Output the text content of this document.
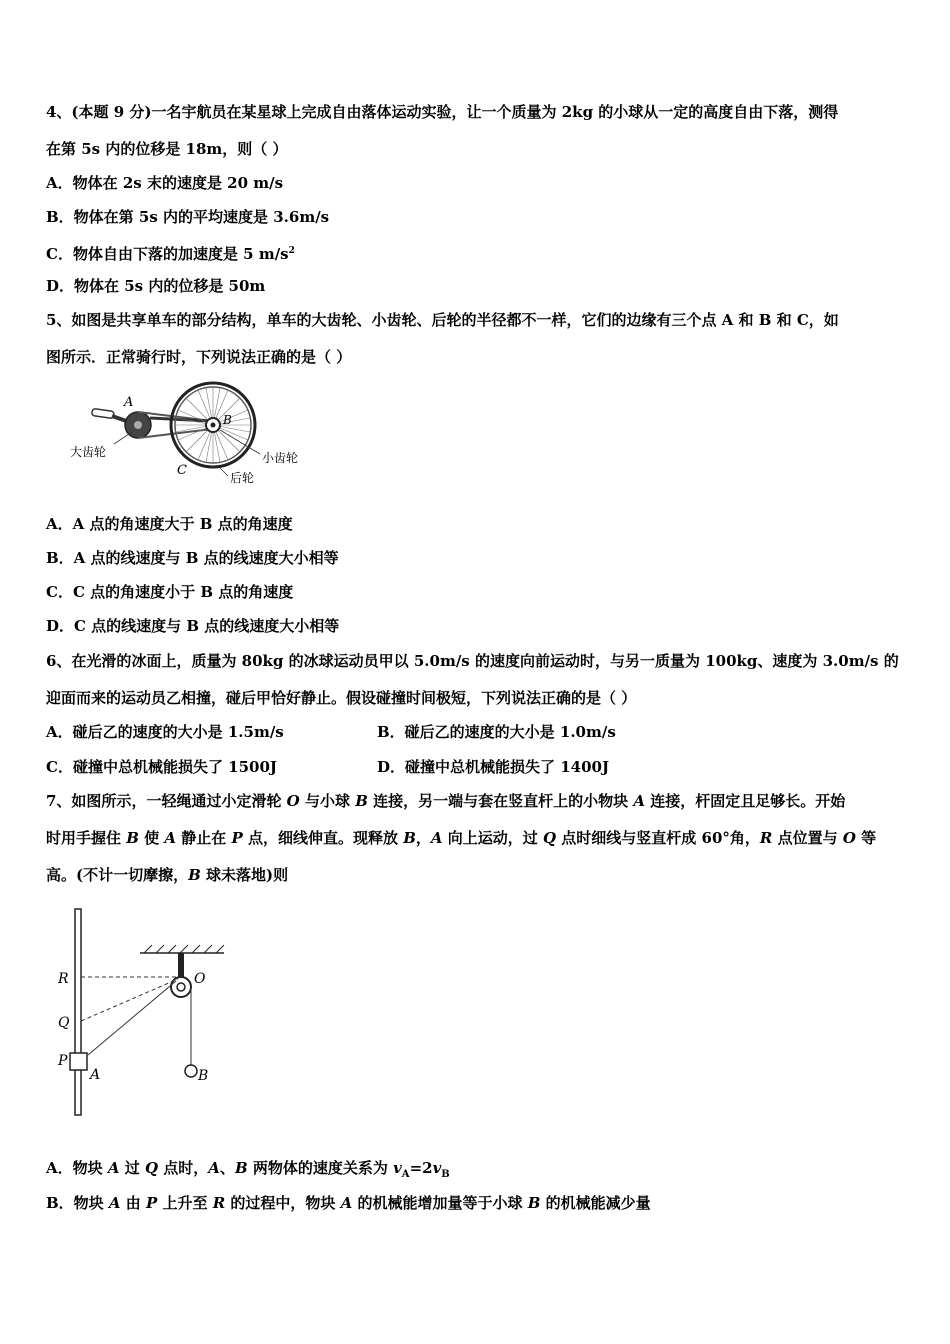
4、(本题 9 分)一名宇航员在某星球上完成自由落体运动实验，让一个质量为 2kg 的小球从一定的高度自由下落，测得
在第 5s 内的位移是 18m，则（ ）
A．物体在 2s 末的速度是 20 m/s
B．物体在第 5s 内的平均速度是 3.6m/s
C．物体自由下落的加速度是 5 $m/s^2$
D．物体在 5s 内的位移是 50m
5、如图是共享单车的部分结构，单车的大齿轮、小齿轮、后轮的半径都不一样，它们的边缘有三个点 A 和 B 和 C，如
图所示．正常骑行时，下列说法正确的是（ ）
A
B
C
大齿轮	小齿轮
后轮
A．A 点的角速度大于 B 点的角速度
B．A 点的线速度与 B 点的线速度大小相等
C．C 点的角速度小于 B 点的角速度
D．C 点的线速度与 B 点的线速度大小相等
6、在光滑的冰面上，质量为 80kg 的冰球运动员甲以 5.0m/s 的速度向前运动时，与另一质量为 100kg、速度为 3.0m/s 的
迎面而来的运动员乙相撞，碰后甲恰好静止。假设碰撞时间极短，下列说法正确的是（ ）
A．碰后乙的速度的大小是 1.5m/s	B．碰后乙的速度的大小是 1.0m/s
C．碰撞中总机械能损失了 1500J	D．碰撞中总机械能损失了 1400J
7、如图所示，一轻绳通过小定滑轮 O 与小球 B 连接，另一端与套在竖直杆上的小物块 A 连接，杆固定且足够长。开始
时用手握住 B 使 A 静止在 P 点，细线伸直。现释放 B，A 向上运动，过 Q 点时细线与竖直杆成 60°角，R 点位置与 O 等
高。(不计一切摩擦，B 球未落地)则
R
Q
P
A
O
B
A．物块 A 过 Q 点时，A、B 两物体的速度关系为 $v_A=2v_B$
B．物块 A 由 P 上升至 R 的过程中，物块 A 的机械能增加量等于小球 B 的机械能减少量
